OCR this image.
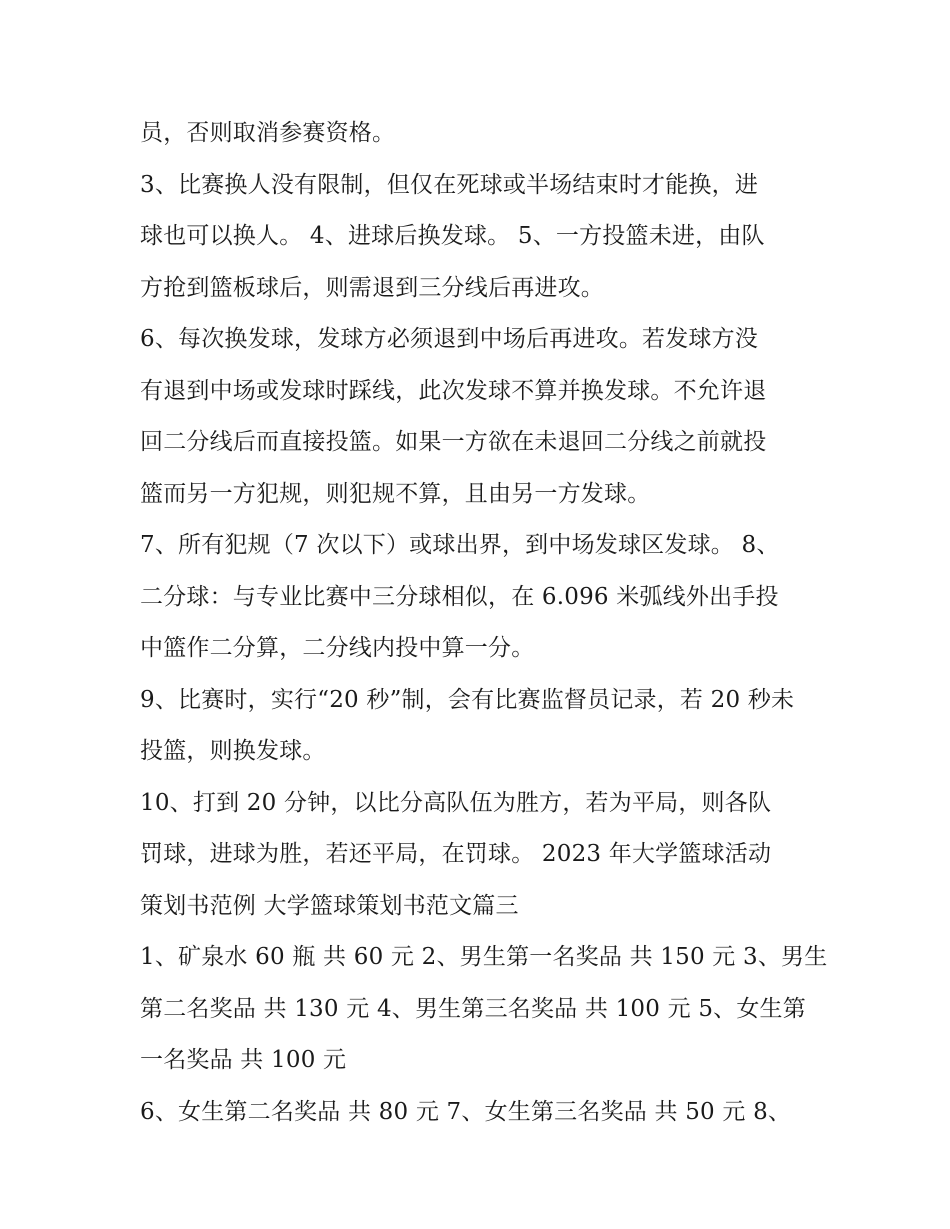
员，否则取消参赛资格。
3、比赛换人没有限制，但仅在死球或半场结束时才能换，进
球也可以换人。 4、进球后换发球。 5、一方投篮未进，由队
方抢到篮板球后，则需退到三分线后再进攻。
6、每次换发球，发球方必须退到中场后再进攻。若发球方没
有退到中场或发球时踩线，此次发球不算并换发球。不允许退
回二分线后而直接投篮。如果一方欲在未退回二分线之前就投
篮而另一方犯规，则犯规不算，且由另一方发球。
7、所有犯规（7 次以下）或球出界，到中场发球区发球。 8、
二分球：与专业比赛中三分球相似，在 6.096 米弧线外出手投
中篮作二分算，二分线内投中算一分。
9、比赛时，实行“20 秒”制，会有比赛监督员记录，若 20 秒未
投篮，则换发球。
10、打到 20 分钟，以比分高队伍为胜方，若为平局，则各队
罚球，进球为胜，若还平局，在罚球。 2023 年大学篮球活动
策划书范例 大学篮球策划书范文篇三
1、矿泉水 60 瓶 共 60 元 2、男生第一名奖品 共 150 元 3、男生
第二名奖品 共 130 元 4、男生第三名奖品 共 100 元 5、女生第
一名奖品 共 100 元
6、女生第二名奖品 共 80 元 7、女生第三名奖品 共 50 元 8、
